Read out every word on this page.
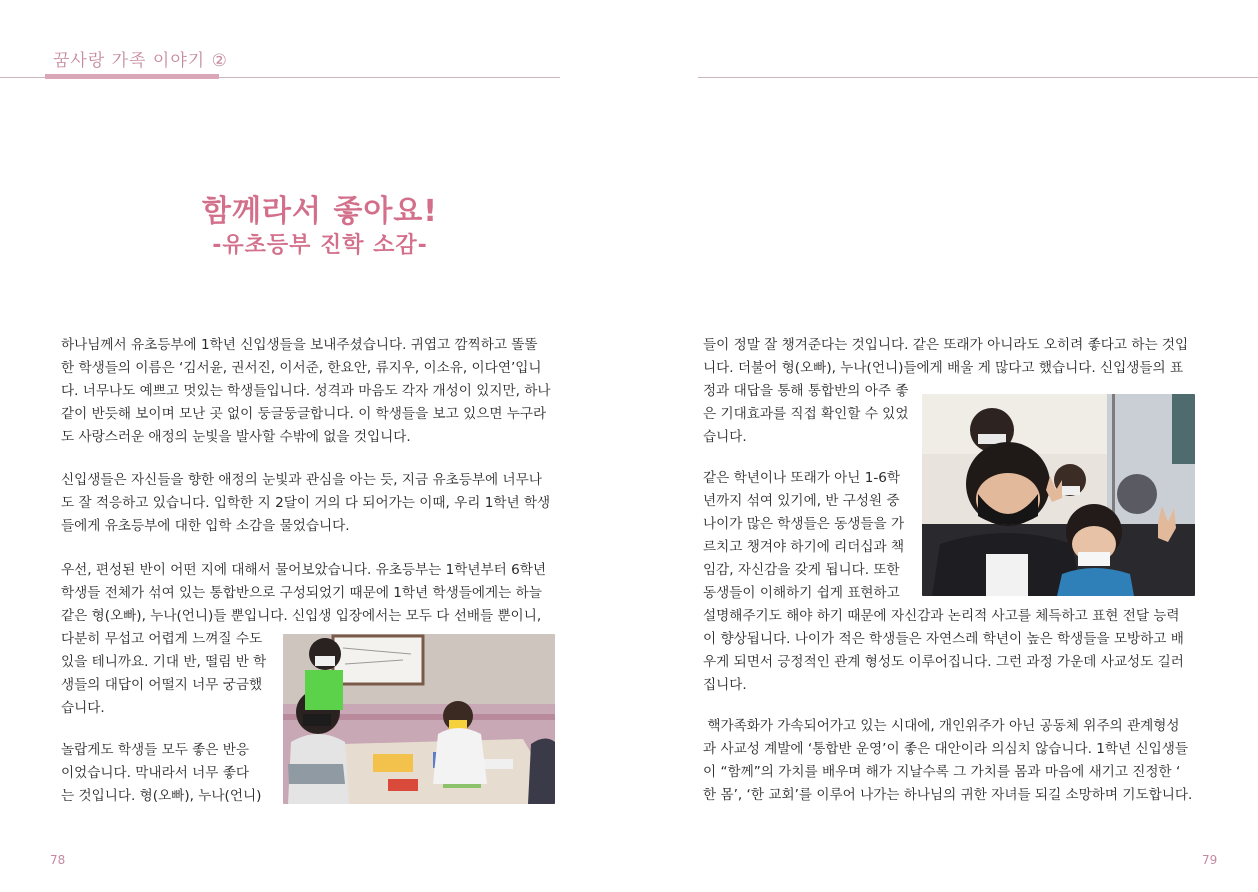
꿈사랑 가족 이야기 ②
함께라서 좋아요!
-유초등부 진학 소감-

하나님께서 유초등부에 1학년 신입생들을 보내주셨습니다. 귀엽고 깜찍하고 똘똘

한 학생들의 이름은 ‘김서윤, 권서진, 이서준, 한요안, 류지우, 이소유, 이다연’입니

다. 너무나도 예쁘고 멋있는 학생들입니다. 성격과 마음도 각자 개성이 있지만, 하나

같이 반듯해 보이며 모난 곳 없이 둥글둥글합니다. 이 학생들을 보고 있으면 누구라

도 사랑스러운 애정의 눈빛을 발사할 수밖에 없을 것입니다.

신입생들은 자신들을 향한 애정의 눈빛과 관심을 아는 듯, 지금 유초등부에 너무나

도 잘 적응하고 있습니다. 입학한 지 2달이 거의 다 되어가는 이때, 우리 1학년 학생

들에게 유초등부에 대한 입학 소감을 물었습니다.

우선, 편성된 반이 어떤 지에 대해서 물어보았습니다. 유초등부는 1학년부터 6학년

학생들 전체가 섞여 있는 통합반으로 구성되었기 때문에 1학년 학생들에게는 하늘

같은 형(오빠), 누나(언니)들 뿐입니다. 신입생 입장에서는 모두 다 선배들 뿐이니,

다분히 무섭고 어렵게 느껴질 수도

있을 테니까요. 기대 반, 떨림 반 학

생들의 대답이 어떨지 너무 궁금했

습니다.

놀랍게도 학생들 모두 좋은 반응

이었습니다. 막내라서 너무 좋다

는 것입니다. 형(오빠), 누나(언니)

78

들이 정말 잘 챙겨준다는 것입니다. 같은 또래가 아니라도 오히려 좋다고 하는 것입

니다. 더불어 형(오빠), 누나(언니)들에게 배울 게 많다고 했습니다. 신입생들의 표

정과 대답을 통해 통합반의 아주 좋

은 기대효과를 직접 확인할 수 있었

습니다.

같은 학년이나 또래가 아닌 1-6학

년까지 섞여 있기에, 반 구성원 중

나이가 많은 학생들은 동생들을 가

르치고 챙겨야 하기에 리더십과 책

임감, 자신감을 갖게 됩니다. 또한

동생들이 이해하기 쉽게 표현하고

설명해주기도 해야 하기 때문에 자신감과 논리적 사고를 체득하고 표현 전달 능력

이 향상됩니다. 나이가 적은 학생들은 자연스레 학년이 높은 학생들을 모방하고 배

우게 되면서 긍정적인 관계 형성도 이루어집니다. 그런 과정 가운데 사교성도 길러

집니다.

핵가족화가 가속되어가고 있는 시대에, 개인위주가 아닌 공동체 위주의 관계형성

과 사교성 계발에 ‘통합반 운영’이 좋은 대안이라 의심치 않습니다. 1학년 신입생들

이 “함께”의 가치를 배우며 해가 지날수록 그 가치를 몸과 마음에 새기고 진정한 ‘

한 몸’, ‘한 교회’를 이루어 나가는 하나님의 귀한 자녀들 되길 소망하며 기도합니다.

79
